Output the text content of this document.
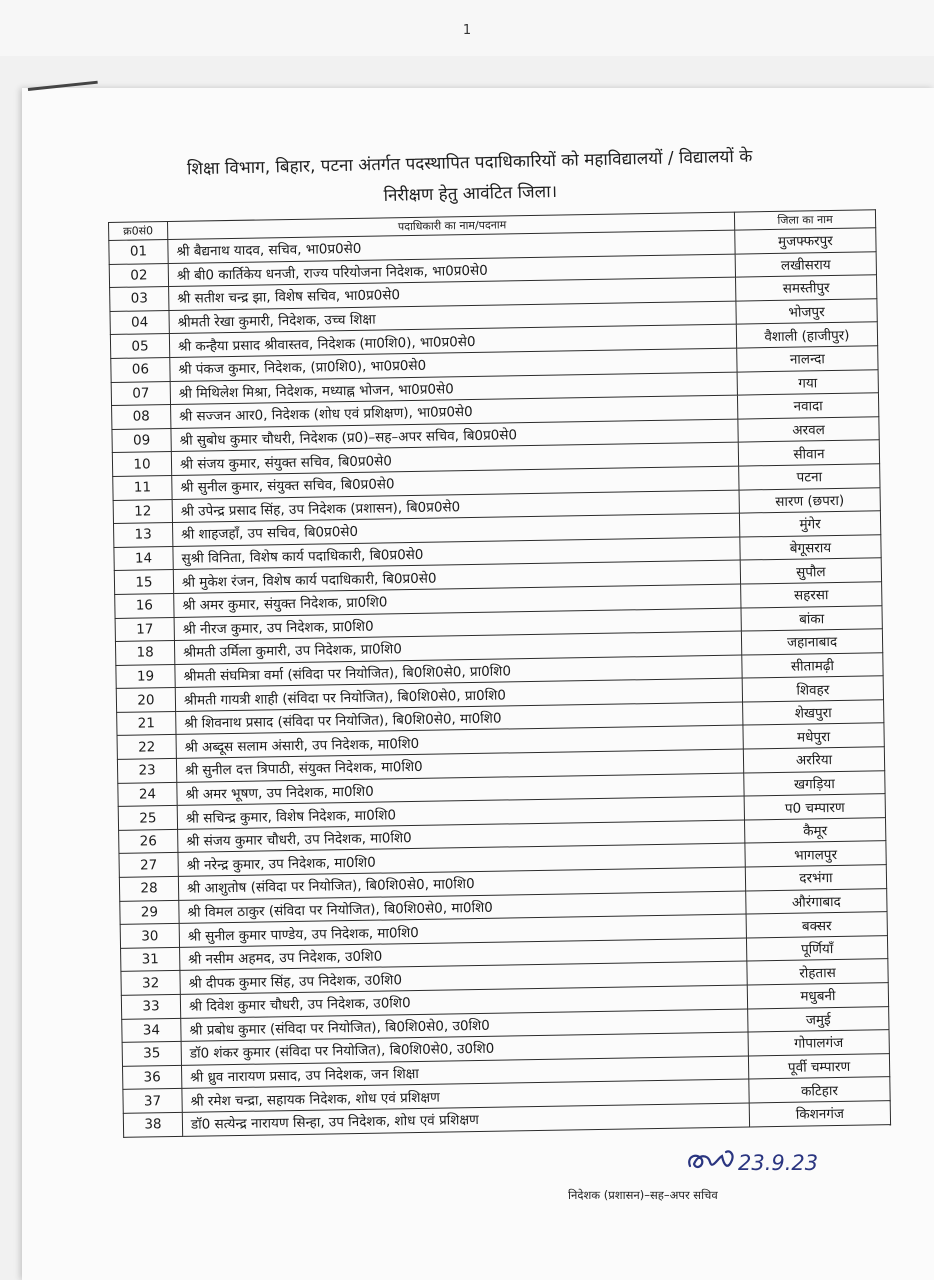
1
शिक्षा विभाग, बिहार, पटना अंतर्गत पदस्थापित पदाधिकारियों को महाविद्यालयों / विद्यालयों के
निरीक्षण हेतु आवंटित जिला।
क्र0सं0	पदाधिकारी का नाम/पदनाम	जिला का नाम
01	श्री बैद्यनाथ यादव, सचिव, भा0प्र0से0	मुजफ्फरपुर
02	श्री बी0 कार्तिकेय धनजी, राज्य परियोजना निदेशक, भा0प्र0से0	लखीसराय
03	श्री सतीश चन्द्र झा, विशेष सचिव, भा0प्र0से0	समस्तीपुर
04	श्रीमती रेखा कुमारी, निदेशक, उच्च शिक्षा	भोजपुर
05	श्री कन्हैया प्रसाद श्रीवास्तव, निदेशक (मा0शि0), भा0प्र0से0	वैशाली (हाजीपुर)
06	श्री पंकज कुमार, निदेशक, (प्रा0शि0), भा0प्र0से0	नालन्दा
07	श्री मिथिलेश मिश्रा, निदेशक, मध्याह्न भोजन, भा0प्र0से0	गया
08	श्री सज्जन आर0, निदेशक (शोध एवं प्रशिक्षण), भा0प्र0से0	नवादा
09	श्री सुबोध कुमार चौधरी, निदेशक (प्र0)–सह–अपर सचिव, बि0प्र0से0	अरवल
10	श्री संजय कुमार, संयुक्त सचिव, बि0प्र0से0	सीवान
11	श्री सुनील कुमार, संयुक्त सचिव, बि0प्र0से0	पटना
12	श्री उपेन्द्र प्रसाद सिंह, उप निदेशक (प्रशासन), बि0प्र0से0	सारण (छपरा)
13	श्री शाहजहाँ, उप सचिव, बि0प्र0से0	मुंगेर
14	सुश्री विनिता, विशेष कार्य पदाधिकारी, बि0प्र0से0	बेगूसराय
15	श्री मुकेश रंजन, विशेष कार्य पदाधिकारी, बि0प्र0से0	सुपौल
16	श्री अमर कुमार, संयुक्त निदेशक, प्रा0शि0	सहरसा
17	श्री नीरज कुमार, उप निदेशक, प्रा0शि0	बांका
18	श्रीमती उर्मिला कुमारी, उप निदेशक, प्रा0शि0	जहानाबाद
19	श्रीमती संघमित्रा वर्मा (संविदा पर नियोजित), बि0शि0से0, प्रा0शि0	सीतामढ़ी
20	श्रीमती गायत्री शाही (संविदा पर नियोजित), बि0शि0से0, प्रा0शि0	शिवहर
21	श्री शिवनाथ प्रसाद (संविदा पर नियोजित), बि0शि0से0, मा0शि0	शेखपुरा
22	श्री अब्दूस सलाम अंसारी, उप निदेशक, मा0शि0	मधेपुरा
23	श्री सुनील दत्त त्रिपाठी, संयुक्त निदेशक, मा0शि0	अररिया
24	श्री अमर भूषण, उप निदेशक, मा0शि0	खगड़िया
25	श्री सचिन्द्र कुमार, विशेष निदेशक, मा0शि0	प0 चम्पारण
26	श्री संजय कुमार चौधरी, उप निदेशक, मा0शि0	कैमूर
27	श्री नरेन्द्र कुमार, उप निदेशक, मा0शि0	भागलपुर
28	श्री आशुतोष (संविदा पर नियोजित), बि0शि0से0, मा0शि0	दरभंगा
29	श्री विमल ठाकुर (संविदा पर नियोजित), बि0शि0से0, मा0शि0	औरंगाबाद
30	श्री सुनील कुमार पाण्डेय, उप निदेशक, मा0शि0	बक्सर
31	श्री नसीम अहमद, उप निदेशक, उ0शि0	पूर्णियाँ
32	श्री दीपक कुमार सिंह, उप निदेशक, उ0शि0	रोहतास
33	श्री दिवेश कुमार चौधरी, उप निदेशक, उ0शि0	मधुबनी
34	श्री प्रबोध कुमार (संविदा पर नियोजित), बि0शि0से0, उ0शि0	जमुई
35	डॉ0 शंकर कुमार (संविदा पर नियोजित), बि0शि0से0, उ0शि0	गोपालगंज
36	श्री ध्रुव नारायण प्रसाद, उप निदेशक, जन शिक्षा	पूर्वी चम्पारण
37	श्री रमेश चन्द्रा, सहायक निदेशक, शोध एवं प्रशिक्षण	कटिहार
38	डॉ0 सत्येन्द्र नारायण सिन्हा, उप निदेशक, शोध एवं प्रशिक्षण	किशनगंज
23.9.23
निदेशक (प्रशासन)–सह–अपर सचिव
